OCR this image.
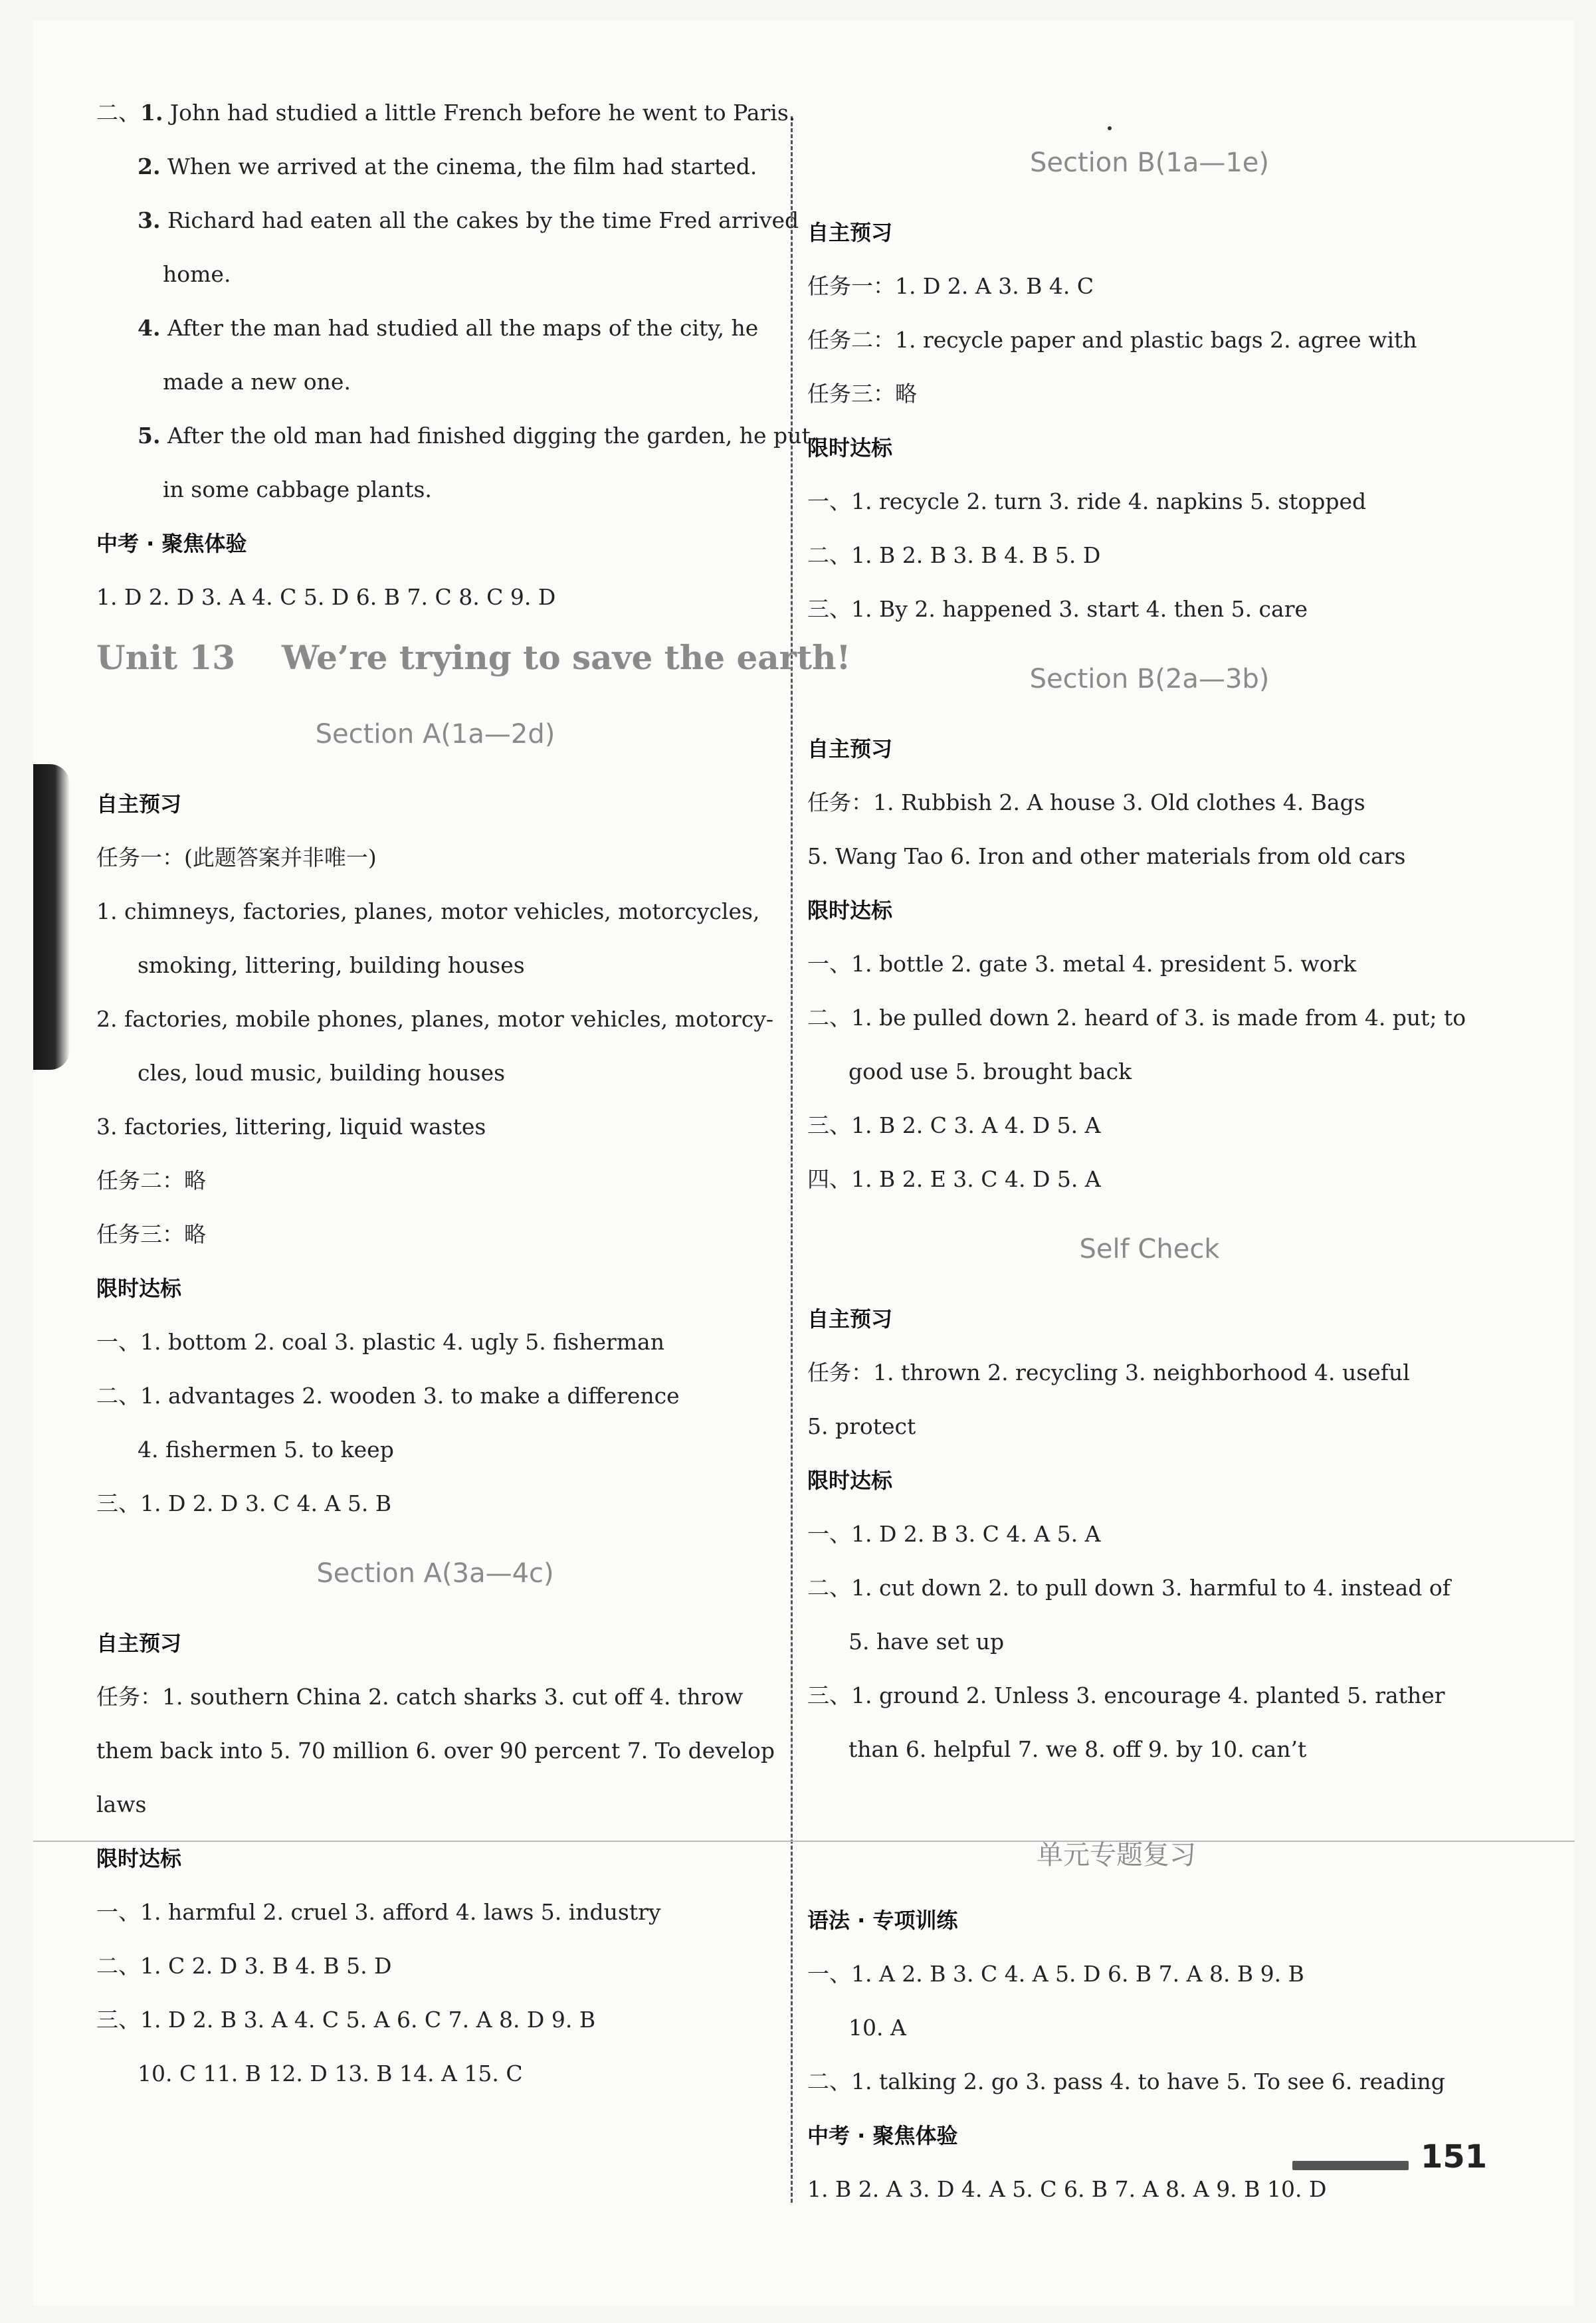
二、1. John had studied a little French before he went to Paris.
2. When we arrived at the cinema, the film had started.
3. Richard had eaten all the cakes by the time Fred arrived
home.
4. After the man had studied all the maps of the city, he
made a new one.
5. After the old man had finished digging the garden, he put
in some cabbage plants.
中考 · 聚焦体验
1. D 2. D 3. A 4. C 5. D 6. B 7. C 8. C 9. D
Unit 13 We’re trying to save the earth!
Section A(1a—2d)
自主预习
任务一：(此题答案并非唯一)
1. chimneys, factories, planes, motor vehicles, motorcycles,
smoking, littering, building houses
2. factories, mobile phones, planes, motor vehicles, motorcy-
cles, loud music, building houses
3. factories, littering, liquid wastes
任务二：略
任务三：略
限时达标
一、1. bottom 2. coal 3. plastic 4. ugly 5. fisherman
二、1. advantages 2. wooden 3. to make a difference
4. fishermen 5. to keep
三、1. D 2. D 3. C 4. A 5. B
Section A(3a—4c)
自主预习
任务：1. southern China 2. catch sharks 3. cut off 4. throw
them back into 5. 70 million 6. over 90 percent 7. To develop
laws
限时达标
一、1. harmful 2. cruel 3. afford 4. laws 5. industry
二、1. C 2. D 3. B 4. B 5. D
三、1. D 2. B 3. A 4. C 5. A 6. C 7. A 8. D 9. B
10. C 11. B 12. D 13. B 14. A 15. C
Section B(1a—1e)
自主预习
任务一：1. D 2. A 3. B 4. C
任务二：1. recycle paper and plastic bags 2. agree with
任务三：略
限时达标
一、1. recycle 2. turn 3. ride 4. napkins 5. stopped
二、1. B 2. B 3. B 4. B 5. D
三、1. By 2. happened 3. start 4. then 5. care
Section B(2a—3b)
自主预习
任务：1. Rubbish 2. A house 3. Old clothes 4. Bags
5. Wang Tao 6. Iron and other materials from old cars
限时达标
一、1. bottle 2. gate 3. metal 4. president 5. work
二、1. be pulled down 2. heard of 3. is made from 4. put; to
good use 5. brought back
三、1. B 2. C 3. A 4. D 5. A
四、1. B 2. E 3. C 4. D 5. A
Self Check
自主预习
任务：1. thrown 2. recycling 3. neighborhood 4. useful
5. protect
限时达标
一、1. D 2. B 3. C 4. A 5. A
二、1. cut down 2. to pull down 3. harmful to 4. instead of
5. have set up
三、1. ground 2. Unless 3. encourage 4. planted 5. rather
than 6. helpful 7. we 8. off 9. by 10. can’t
单元专题复习
语法 · 专项训练
一、1. A 2. B 3. C 4. A 5. D 6. B 7. A 8. B 9. B
10. A
二、1. talking 2. go 3. pass 4. to have 5. To see 6. reading
中考 · 聚焦体验
1. B 2. A 3. D 4. A 5. C 6. B 7. A 8. A 9. B 10. D
151
